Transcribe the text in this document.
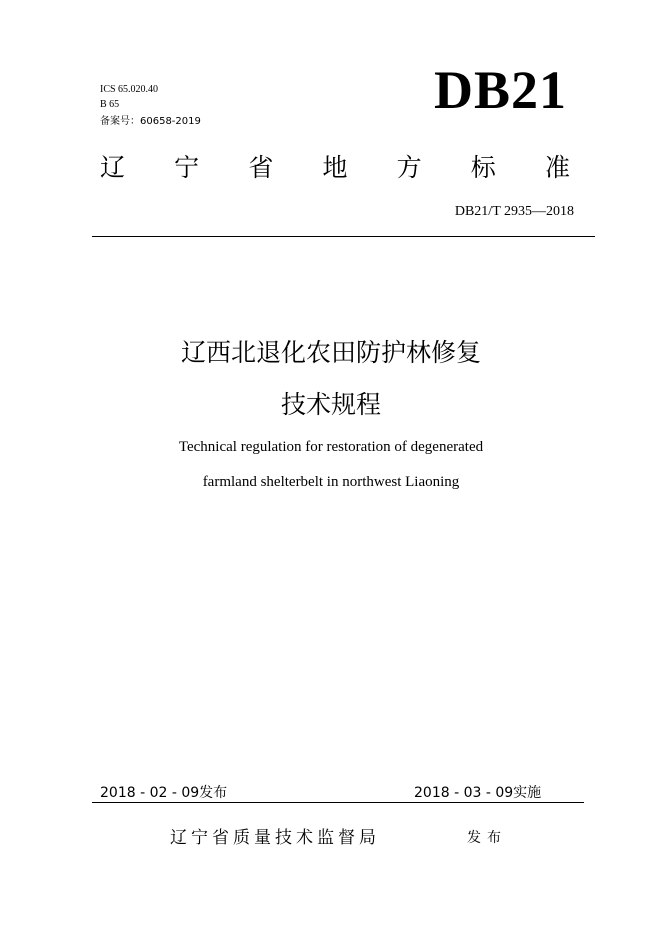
ICS 65.020.40
B 65
备案号：60658-2019
DB21
辽 宁 省 地 方 标 准
DB21/T 2935—2018
辽西北退化农田防护林修复
技术规程
Technical regulation for restoration of degenerated
farmland shelterbelt in northwest Liaoning
2018 - 02 - 09发布	2018 - 03 - 09实施
辽宁省质量技术监督局	发布
